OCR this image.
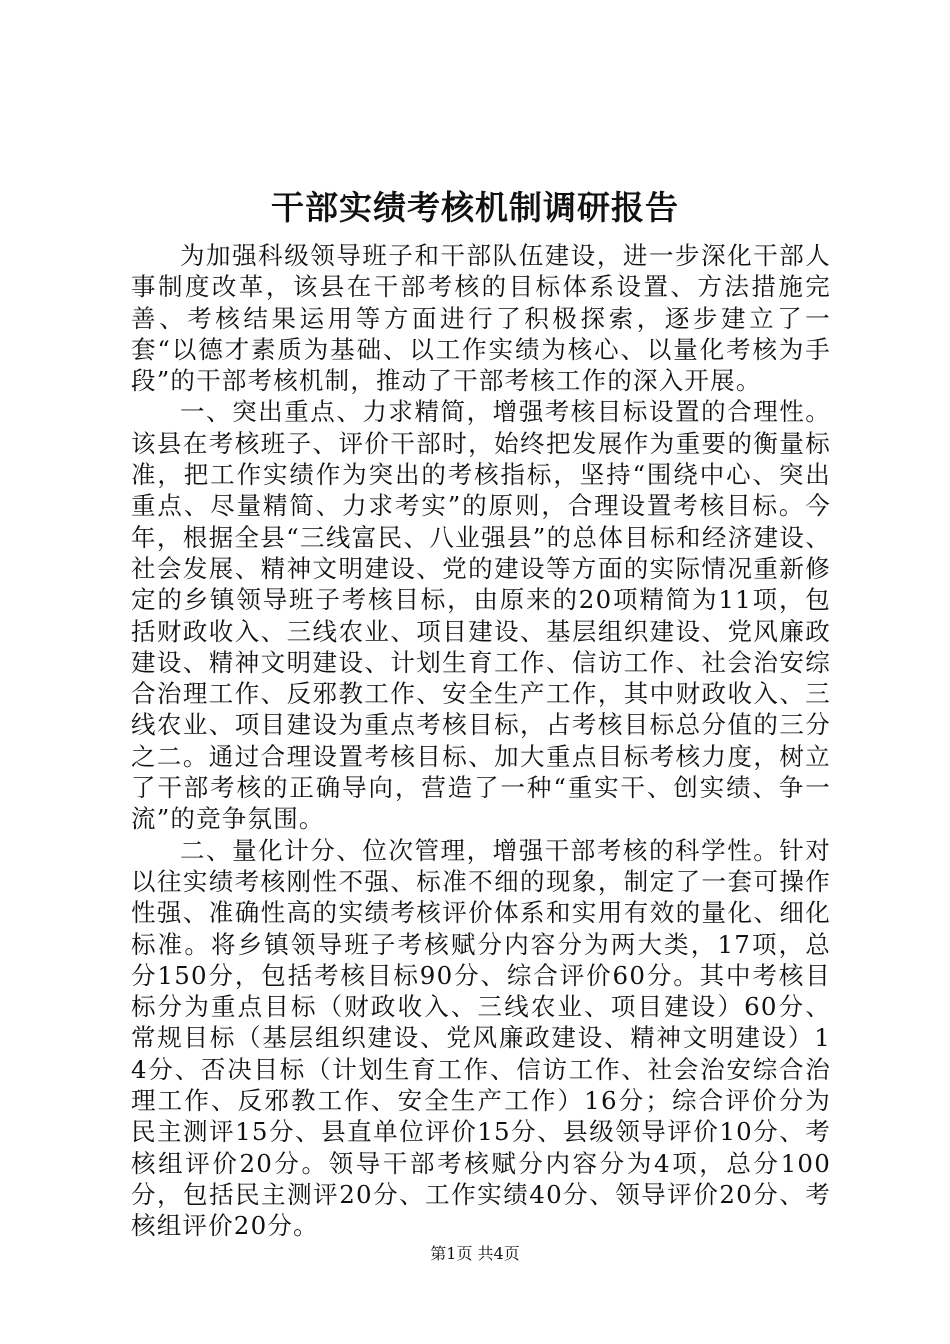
干部实绩考核机制调研报告

为加强科级领导班子和干部队伍建设，进一步深化干部人事制度改革，该县在干部考核的目标体系设置、方法措施完善、考核结果运用等方面进行了积极探索，逐步建立了一套“以德才素质为基础、以工作实绩为核心、以量化考核为手段”的干部考核机制，推动了干部考核工作的深入开展。

一、突出重点、力求精简，增强考核目标设置的合理性。该县在考核班子、评价干部时，始终把发展作为重要的衡量标准，把工作实绩作为突出的考核指标，坚持“围绕中心、突出重点、尽量精简、力求考实”的原则，合理设置考核目标。今年，根据全县“三线富民、八业强县”的总体目标和经济建设、社会发展、精神文明建设、党的建设等方面的实际情况重新修定的乡镇领导班子考核目标，由原来的20项精简为11项，包括财政收入、三线农业、项目建设、基层组织建设、党风廉政建设、精神文明建设、计划生育工作、信访工作、社会治安综合治理工作、反邪教工作、安全生产工作，其中财政收入、三线农业、项目建设为重点考核目标，占考核目标总分值的三分之二。通过合理设置考核目标、加大重点目标考核力度，树立了干部考核的正确导向，营造了一种“重实干、创实绩、争一流”的竞争氛围。

二、量化计分、位次管理，增强干部考核的科学性。针对以往实绩考核刚性不强、标准不细的现象，制定了一套可操作性强、准确性高的实绩考核评价体系和实用有效的量化、细化标准。将乡镇领导班子考核赋分内容分为两大类，17项，总分150分，包括考核目标90分、综合评价60分。其中考核目标分为重点目标（财政收入、三线农业、项目建设）60分、常规目标（基层组织建设、党风廉政建设、精神文明建设）14分、否决目标（计划生育工作、信访工作、社会治安综合治理工作、反邪教工作、安全生产工作）16分；综合评价分为民主测评15分、县直单位评价15分、县级领导评价10分、考核组评价20分。领导干部考核赋分内容分为4项，总分100分，包括民主测评20分、工作实绩40分、领导评价20分、考核组评价20分。

第1页 共4页
